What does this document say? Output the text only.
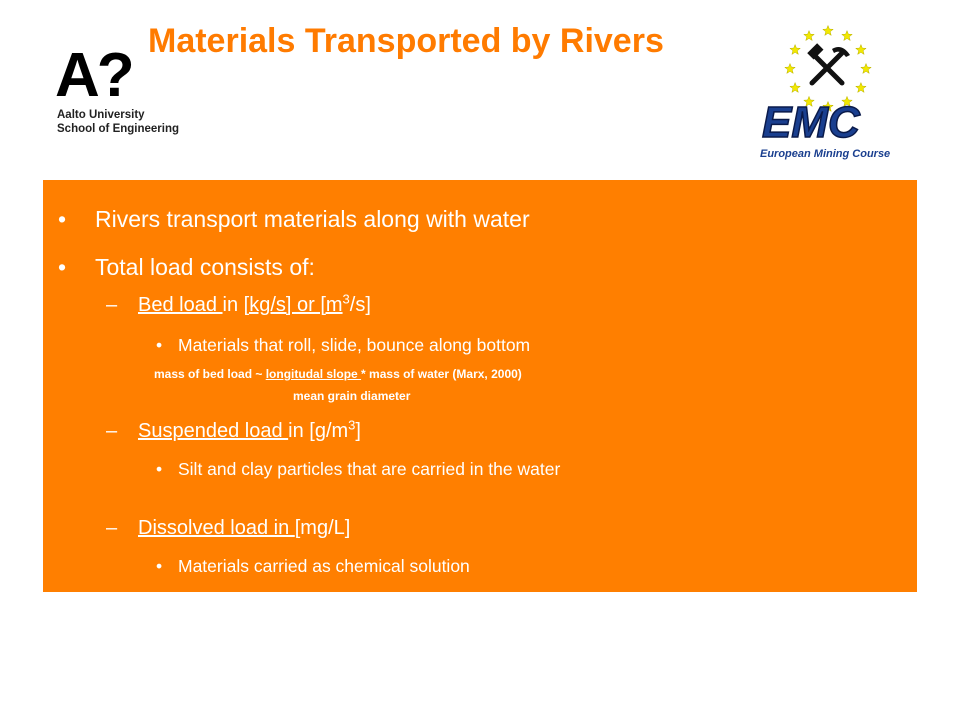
A?
Aalto University
School of Engineering
Materials Transported by Rivers
EMC
European Mining Course
• Rivers transport materials along with water
• Total load consists of:
– Bed load in [kg/s] or $[m^3/s]$
• Materials that roll, slide, bounce along bottom
mass of bed load ~ longitudal slope * mass of water (Marx, 2000)
mean grain diameter
– Suspended load in $[g/m^3]$
• Silt and clay particles that are carried in the water
– Dissolved load in [mg/L]
• Materials carried as chemical solution
